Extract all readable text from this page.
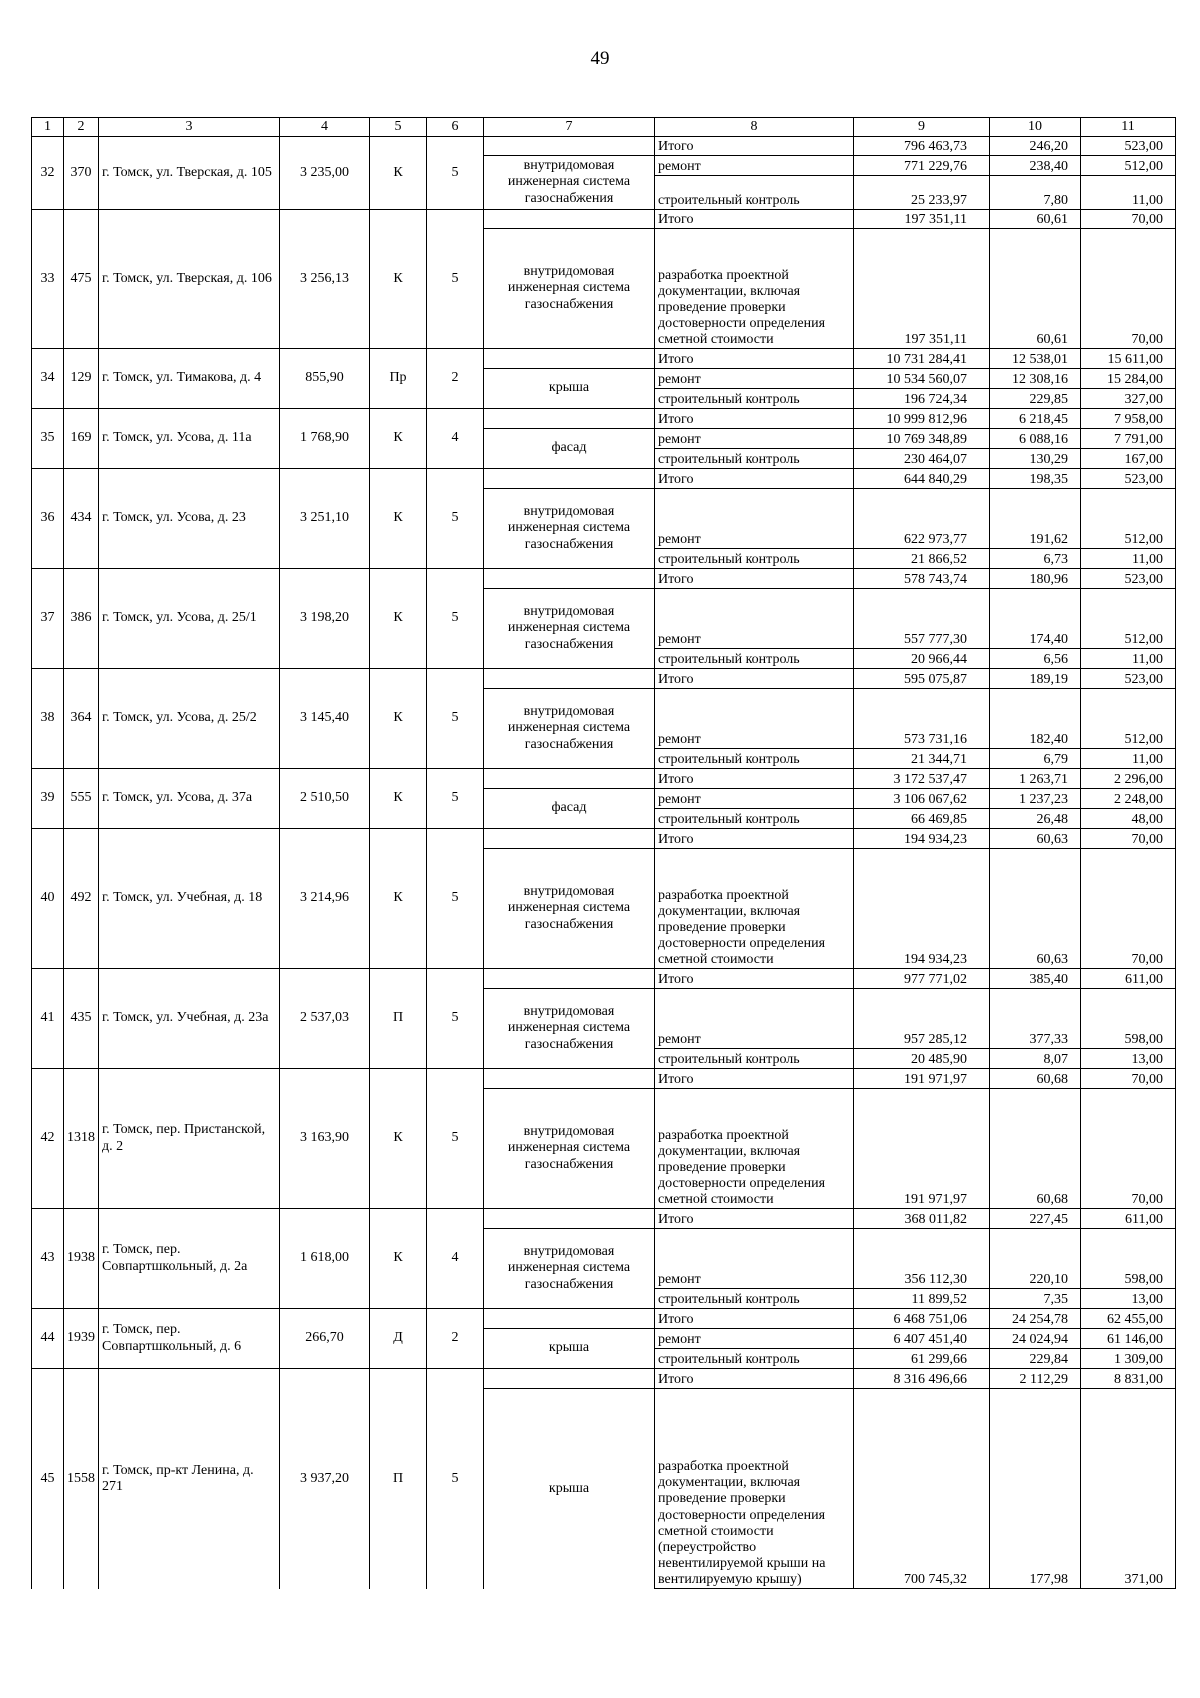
49
1	2	3	4	5	6	7	8	9	10	11
32	370	г. Томск, ул. Тверская, д. 105	3 235,00	К	5		Итого	796 463,73	246,20	523,00
						внутридомовая инженерная система газоснабжения	ремонт	771 229,76	238,40	512,00
							строительный контроль	25 233,97	7,80	11,00
33	475	г. Томск, ул. Тверская, д. 106	3 256,13	К	5		Итого	197 351,11	60,61	70,00
						внутридомовая инженерная система газоснабжения	разработка проектной документации, включая проведение проверки достоверности определения сметной стоимости	197 351,11	60,61	70,00
34	129	г. Томск, ул. Тимакова, д. 4	855,90	Пр	2		Итого	10 731 284,41	12 538,01	15 611,00
						крыша	ремонт	10 534 560,07	12 308,16	15 284,00
							строительный контроль	196 724,34	229,85	327,00
35	169	г. Томск, ул. Усова, д. 11а	1 768,90	К	4		Итого	10 999 812,96	6 218,45	7 958,00
						фасад	ремонт	10 769 348,89	6 088,16	7 791,00
							строительный контроль	230 464,07	130,29	167,00
36	434	г. Томск, ул. Усова, д. 23	3 251,10	К	5		Итого	644 840,29	198,35	523,00
						внутридомовая инженерная система газоснабжения	ремонт	622 973,77	191,62	512,00
							строительный контроль	21 866,52	6,73	11,00
37	386	г. Томск, ул. Усова, д. 25/1	3 198,20	К	5		Итого	578 743,74	180,96	523,00
						внутридомовая инженерная система газоснабжения	ремонт	557 777,30	174,40	512,00
							строительный контроль	20 966,44	6,56	11,00
38	364	г. Томск, ул. Усова, д. 25/2	3 145,40	К	5		Итого	595 075,87	189,19	523,00
						внутридомовая инженерная система газоснабжения	ремонт	573 731,16	182,40	512,00
							строительный контроль	21 344,71	6,79	11,00
39	555	г. Томск, ул. Усова, д. 37а	2 510,50	К	5		Итого	3 172 537,47	1 263,71	2 296,00
						фасад	ремонт	3 106 067,62	1 237,23	2 248,00
							строительный контроль	66 469,85	26,48	48,00
40	492	г. Томск, ул. Учебная, д. 18	3 214,96	К	5		Итого	194 934,23	60,63	70,00
						внутридомовая инженерная система газоснабжения	разработка проектной документации, включая проведение проверки достоверности определения сметной стоимости	194 934,23	60,63	70,00
41	435	г. Томск, ул. Учебная, д. 23а	2 537,03	П	5		Итого	977 771,02	385,40	611,00
						внутридомовая инженерная система газоснабжения	ремонт	957 285,12	377,33	598,00
							строительный контроль	20 485,90	8,07	13,00
42	1318	г. Томск, пер. Пристанской, д. 2	3 163,90	К	5		Итого	191 971,97	60,68	70,00
						внутридомовая инженерная система газоснабжения	разработка проектной документации, включая проведение проверки достоверности определения сметной стоимости	191 971,97	60,68	70,00
43	1938	г. Томск, пер. Совпартшкольный, д. 2а	1 618,00	К	4		Итого	368 011,82	227,45	611,00
						внутридомовая инженерная система газоснабжения	ремонт	356 112,30	220,10	598,00
							строительный контроль	11 899,52	7,35	13,00
44	1939	г. Томск, пер. Совпартшкольный, д. 6	266,70	Д	2		Итого	6 468 751,06	24 254,78	62 455,00
						крыша	ремонт	6 407 451,40	24 024,94	61 146,00
							строительный контроль	61 299,66	229,84	1 309,00
45	1558	г. Томск, пр-кт Ленина, д. 271	3 937,20	П	5		Итого	8 316 496,66	2 112,29	8 831,00
						крыша	разработка проектной документации, включая проведение проверки достоверности определения сметной стоимости (переустройство невентилируемой крыши на вентилируемую крышу)	700 745,32	177,98	371,00
